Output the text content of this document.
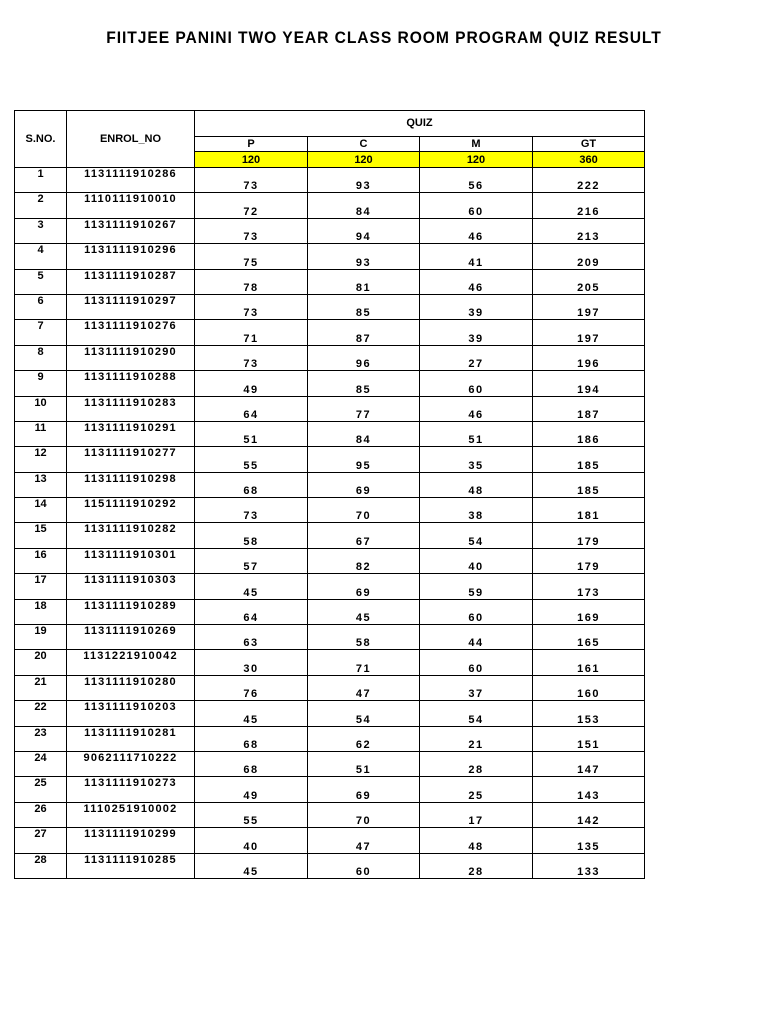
FIITJEE PANINI TWO YEAR CLASS ROOM PROGRAM QUIZ RESULT
S.NO.	ENROL_NO	QUIZ			
		P	C	M	GT
		120	120	120	360
1	1131111910286	73	93	56	222
2	1110111910010	72	84	60	216
3	1131111910267	73	94	46	213
4	1131111910296	75	93	41	209
5	1131111910287	78	81	46	205
6	1131111910297	73	85	39	197
7	1131111910276	71	87	39	197
8	1131111910290	73	96	27	196
9	1131111910288	49	85	60	194
10	1131111910283	64	77	46	187
11	1131111910291	51	84	51	186
12	1131111910277	55	95	35	185
13	1131111910298	68	69	48	185
14	1151111910292	73	70	38	181
15	1131111910282	58	67	54	179
16	1131111910301	57	82	40	179
17	1131111910303	45	69	59	173
18	1131111910289	64	45	60	169
19	1131111910269	63	58	44	165
20	1131221910042	30	71	60	161
21	1131111910280	76	47	37	160
22	1131111910203	45	54	54	153
23	1131111910281	68	62	21	151
24	9062111710222	68	51	28	147
25	1131111910273	49	69	25	143
26	1110251910002	55	70	17	142
27	1131111910299	40	47	48	135
28	1131111910285	45	60	28	133
